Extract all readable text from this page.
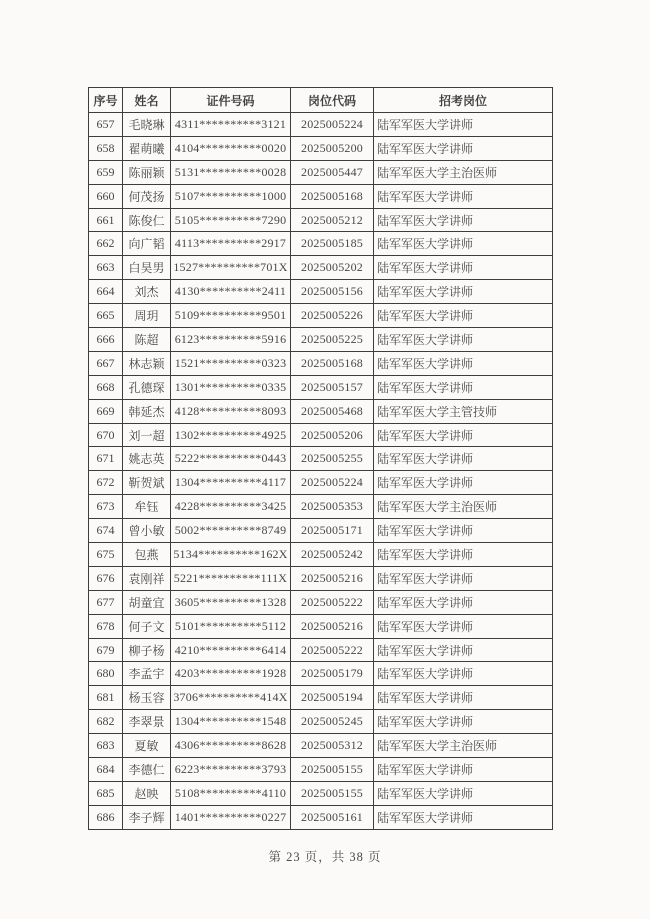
序号	姓名	证件号码	岗位代码	招考岗位
657	毛晓琳	4311**********3121	2025005224	陆军军医大学讲师
658	翟萌曦	4104**********0020	2025005200	陆军军医大学讲师
659	陈丽颖	5131**********0028	2025005447	陆军军医大学主治医师
660	何茂扬	5107**********1000	2025005168	陆军军医大学讲师
661	陈俊仁	5105**********7290	2025005212	陆军军医大学讲师
662	向广韬	4113**********2917	2025005185	陆军军医大学讲师
663	白昊男	1527**********701X	2025005202	陆军军医大学讲师
664	刘杰	4130**********2411	2025005156	陆军军医大学讲师
665	周玥	5109**********9501	2025005226	陆军军医大学讲师
666	陈超	6123**********5916	2025005225	陆军军医大学讲师
667	林志颖	1521**********0323	2025005168	陆军军医大学讲师
668	孔德琛	1301**********0335	2025005157	陆军军医大学讲师
669	韩延杰	4128**********8093	2025005468	陆军军医大学主管技师
670	刘一超	1302**********4925	2025005206	陆军军医大学讲师
671	姚志英	5222**********0443	2025005255	陆军军医大学讲师
672	靳贺斌	1304**********4117	2025005224	陆军军医大学讲师
673	牟钰	4228**********3425	2025005353	陆军军医大学主治医师
674	曾小敏	5002**********8749	2025005171	陆军军医大学讲师
675	包燕	5134**********162X	2025005242	陆军军医大学讲师
676	袁刚祥	5221**********111X	2025005216	陆军军医大学讲师
677	胡童宜	3605**********1328	2025005222	陆军军医大学讲师
678	何子文	5101**********5112	2025005216	陆军军医大学讲师
679	柳子杨	4210**********6414	2025005222	陆军军医大学讲师
680	李孟宇	4203**********1928	2025005179	陆军军医大学讲师
681	杨玉容	3706**********414X	2025005194	陆军军医大学讲师
682	李翠景	1304**********1548	2025005245	陆军军医大学讲师
683	夏敏	4306**********8628	2025005312	陆军军医大学主治医师
684	李德仁	6223**********3793	2025005155	陆军军医大学讲师
685	赵映	5108**********4110	2025005155	陆军军医大学讲师
686	李子辉	1401**********0227	2025005161	陆军军医大学讲师
第 23 页，共 38 页
